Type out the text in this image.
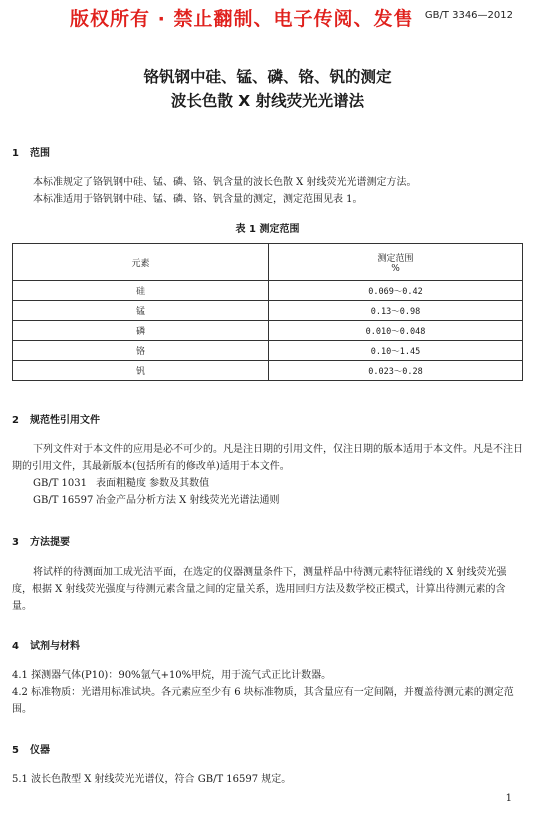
版权所有 · 禁止翻制、电子传阅、发售 GB/T 3346—2012
铬钒钢中硅、锰、磷、铬、钒的测定
波长色散 X 射线荧光光谱法
1 范围

本标准规定了铬钒钢中硅、锰、磷、铬、钒含量的波长色散 X 射线荧光光谱测定方法。

本标准适用于铬钒钢中硅、锰、磷、铬、钒含量的测定，测定范围见表 1。

表 1 测定范围
元素	测定范围
%

硅	0.069～0.42
锰	0.13～0.98
磷	0.010～0.048
铬	0.10～1.45
钒	0.023～0.28
2 规范性引用文件

下列文件对于本文件的应用是必不可少的。凡是注日期的引用文件，仅注日期的版本适用于本文件。凡是不注日期的引用文件，其最新版本(包括所有的修改单)适用于本文件。

GB/T 1031 表面粗糙度 参数及其数值

GB/T 16597 冶金产品分析方法 X 射线荧光光谱法通则

3 方法提要

将试样的待测面加工成光洁平面，在选定的仪器测量条件下，测量样品中待测元素特征谱线的 X 射线荧光强度，根据 X 射线荧光强度与待测元素含量之间的定量关系，选用回归方法及数学校正模式，计算出待测元素的含量。

4 试剂与材料

4.1 探测器气体(P10)：90%氩气+10%甲烷，用于流气式正比计数器。

4.2 标准物质：光谱用标准试块。各元素应至少有 6 块标准物质，其含量应有一定间隔，并覆盖待测元素的测定范围。

5 仪器

5.1 波长色散型 X 射线荧光光谱仪，符合 GB/T 16597 规定。

1
